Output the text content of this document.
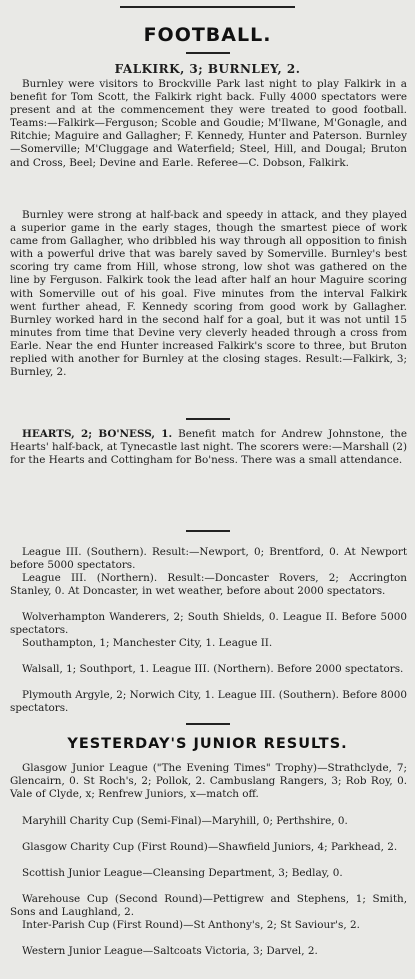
FOOTBALL.
FALKIRK, 3; BURNLEY, 2.

Burnley were visitors to Brockville Park last night to play Falkirk in a benefit for Tom Scott, the Falkirk right back. Fully 4000 spectators were present and at the commencement they were treated to good football. Teams:—Falkirk—Ferguson; Scoble and Goudie; M'Ilwane, M'Gonagle, and Ritchie; Maguire and Gallagher; F. Kennedy, Hunter and Paterson. Burnley—Somerville; M'Cluggage and Waterfield; Steel, Hill, and Dougal; Bruton and Cross, Beel; Devine and Earle. Referee—C. Dobson, Falkirk.

Burnley were strong at half-back and speedy in attack, and they played a superior game in the early stages, though the smartest piece of work came from Gallagher, who dribbled his way through all opposition to finish with a powerful drive that was barely saved by Somerville. Burnley's best scoring try came from Hill, whose strong, low shot was gathered on the line by Ferguson. Falkirk took the lead after half an hour Maguire scoring with Somerville out of his goal. Five minutes from the interval Falkirk went further ahead, F. Kennedy scoring from good work by Gallagher. Burnley worked hard in the second half for a goal, but it was not until 15 minutes from time that Devine very cleverly headed through a cross from Earle. Near the end Hunter increased Falkirk's score to three, but Bruton replied with another for Burnley at the closing stages. Result:—Falkirk, 3; Burnley, 2.

HEARTS, 2; BO'NESS, 1. Benefit match for Andrew Johnstone, the Hearts' half-back, at Tynecastle last night. The scorers were:—Marshall (2) for the Hearts and Cottingham for Bo'ness. There was a small attendance.

League III. (Southern). Result:—Newport, 0; Brentford, 0. At Newport before 5000 spectators.

League III. (Northern). Result:—Doncaster Rovers, 2; Accrington Stanley, 0. At Doncaster, in wet weather, before about 2000 spectators.

Wolverhampton Wanderers, 2; South Shields, 0. League II. Before 5000 spectators.

Southampton, 1; Manchester City, 1. League II.

Walsall, 1; Southport, 1. League III. (Northern). Before 2000 spectators.

Plymouth Argyle, 2; Norwich City, 1. League III. (Southern). Before 8000 spectators.

YESTERDAY'S JUNIOR RESULTS.

Glasgow Junior League ("The Evening Times" Trophy)—Strathclyde, 7; Glencairn, 0. St Roch's, 2; Pollok, 2. Cambuslang Rangers, 3; Rob Roy, 0. Vale of Clyde, x; Renfrew Juniors, x—match off.

Maryhill Charity Cup (Semi-Final)—Maryhill, 0; Perthshire, 0.

Glasgow Charity Cup (First Round)—Shawfield Juniors, 4; Parkhead, 2.

Scottish Junior League—Cleansing Department, 3; Bedlay, 0.

Warehouse Cup (Second Round)—Pettigrew and Stephens, 1; Smith, Sons and Laughland, 2.

Inter-Parish Cup (First Round)—St Anthony's, 2; St Saviour's, 2.

Western Junior League—Saltcoats Victoria, 3; Darvel, 2.
